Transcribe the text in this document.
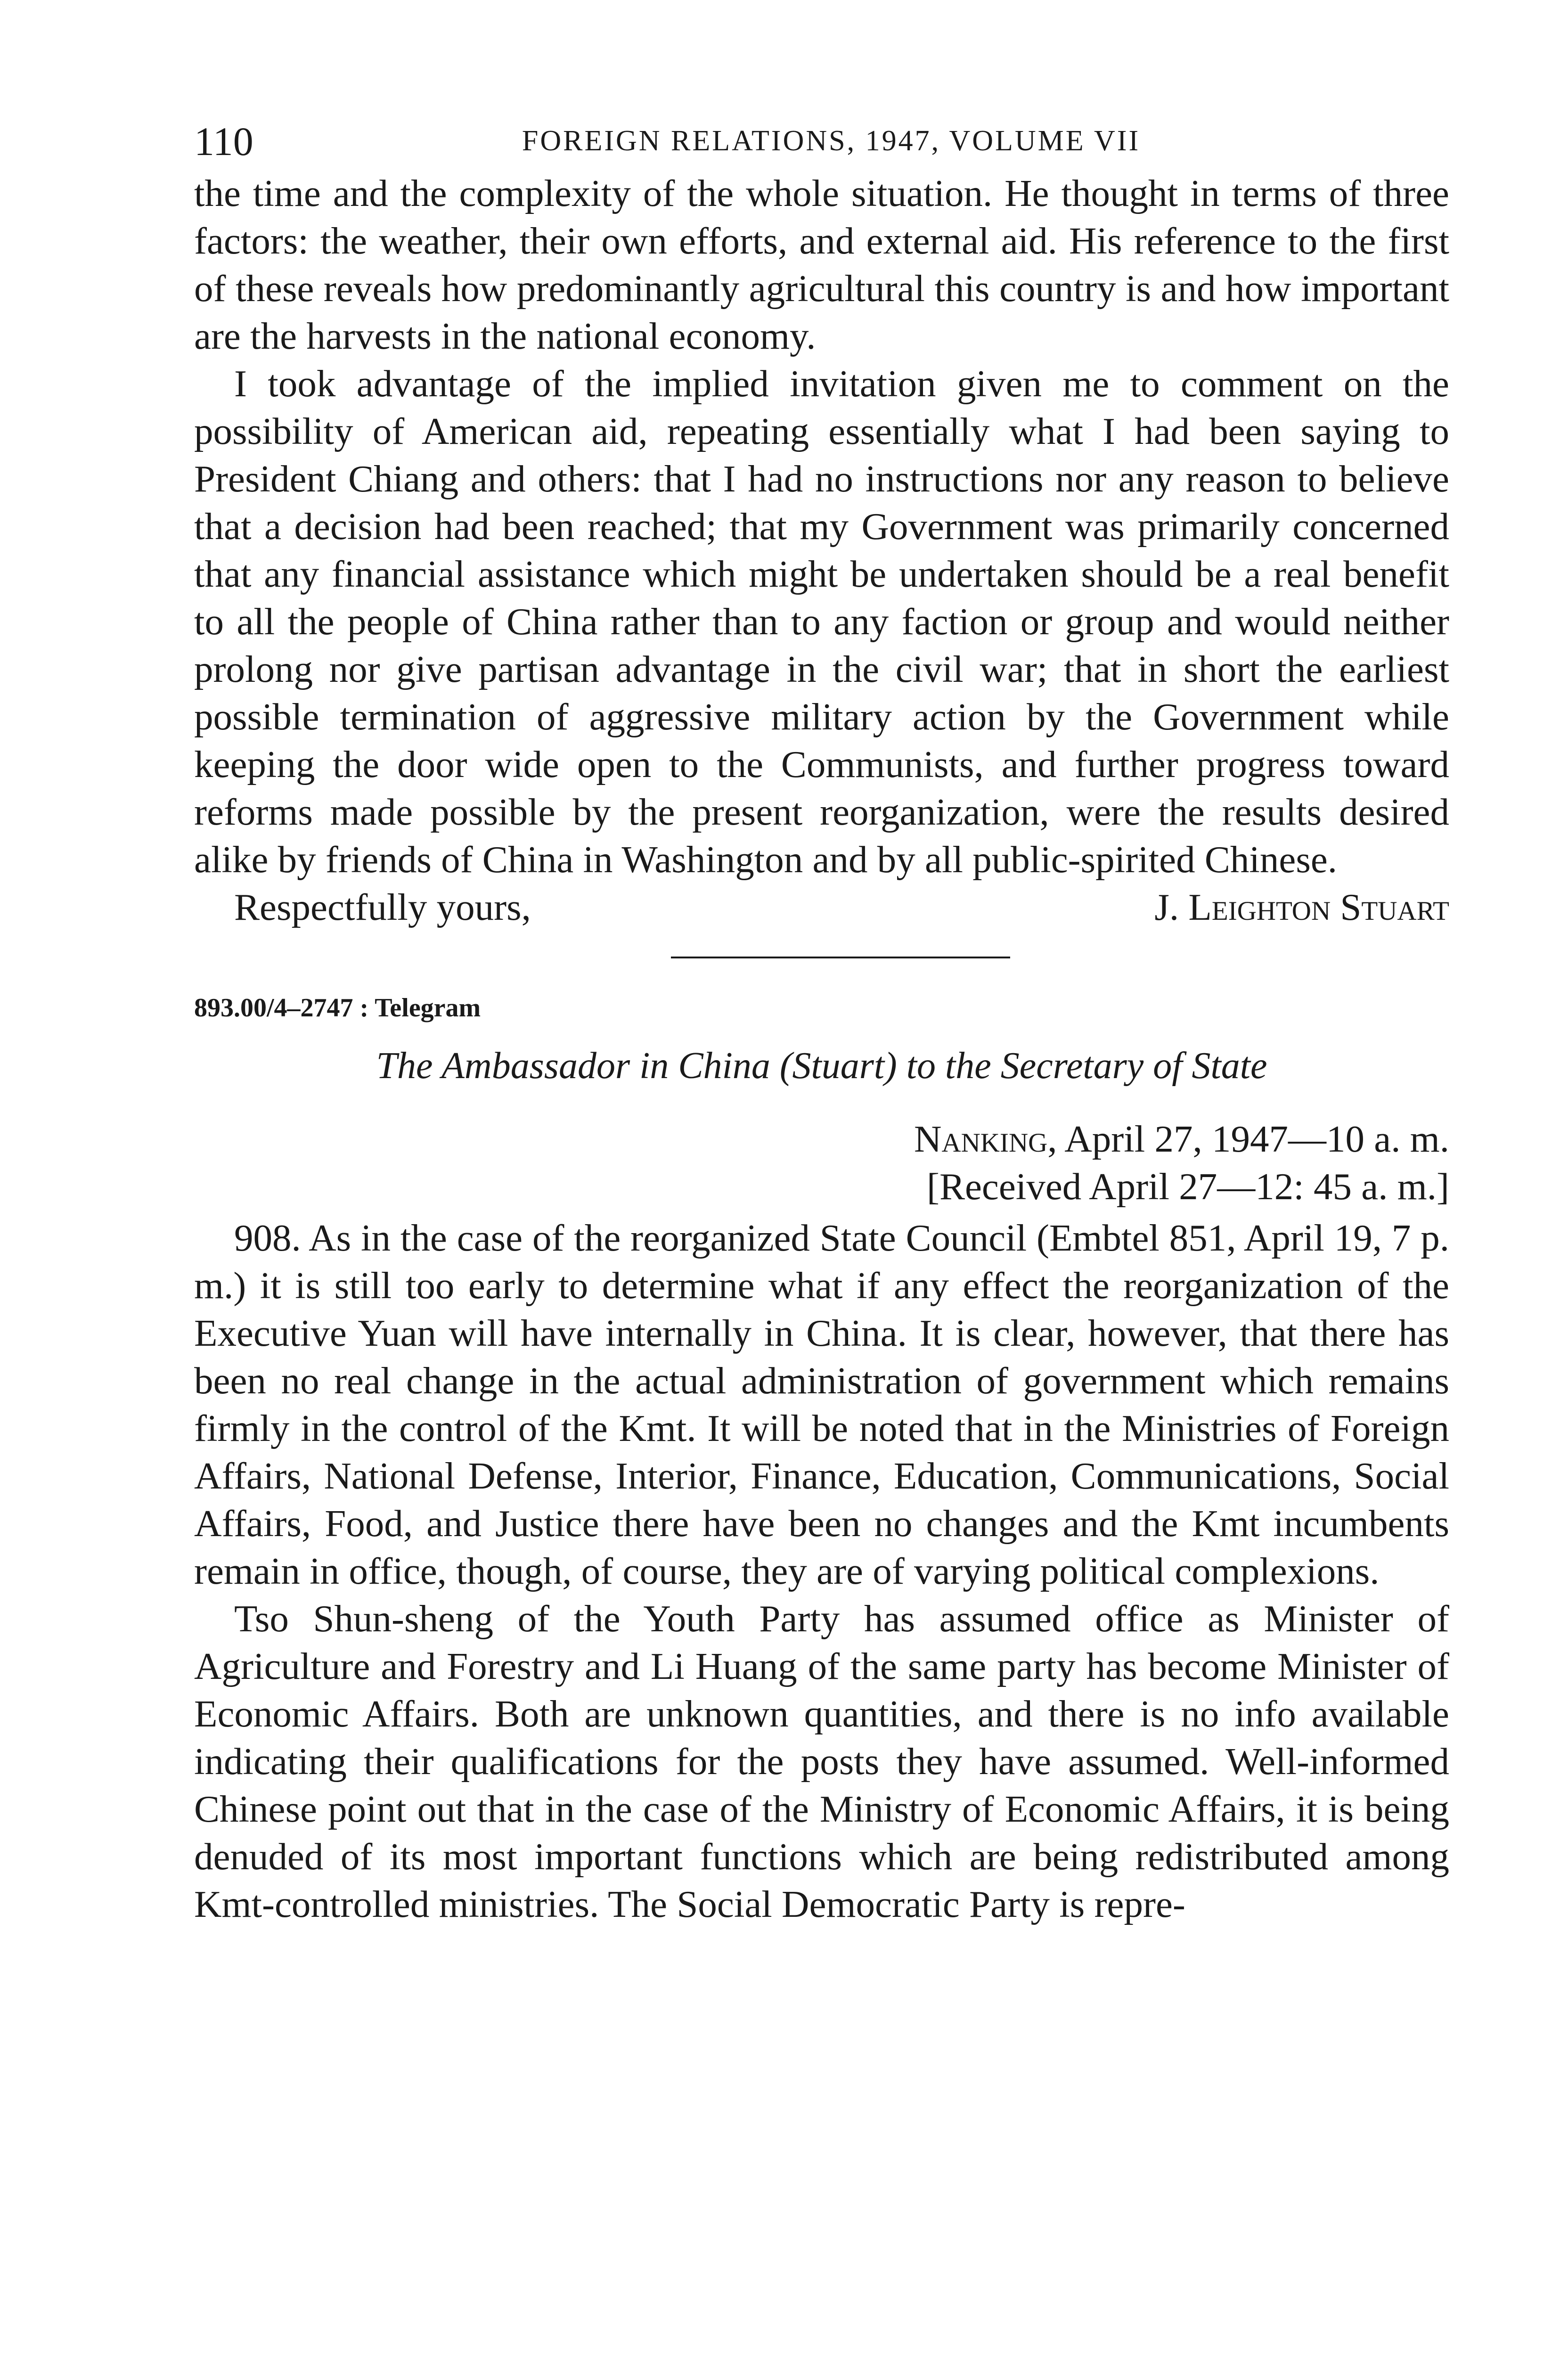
110	FOREIGN RELATIONS, 1947, VOLUME VII

the time and the complexity of the whole situation. He thought in terms of three factors: the weather, their own efforts, and external aid. His reference to the first of these reveals how predominantly agricultural this country is and how important are the harvests in the national economy.

I took advantage of the implied invitation given me to comment on the possibility of American aid, repeating essentially what I had been saying to President Chiang and others: that I had no instructions nor any reason to believe that a decision had been reached; that my Government was primarily concerned that any financial assistance which might be undertaken should be a real benefit to all the people of China rather than to any faction or group and would neither prolong nor give partisan advantage in the civil war; that in short the earliest possible termination of aggressive military action by the Government while keeping the door wide open to the Communists, and further progress toward reforms made possible by the present reorganization, were the results desired alike by friends of China in Washington and by all public-spirited Chinese.

Respectfully yours,	J. Leighton Stuart
893.00/4–2747 : Telegram
The Ambassador in China (Stuart) to the Secretary of State
Nanking, April 27, 1947—10 a. m.
[Received April 27—12: 45 a. m.]

908. As in the case of the reorganized State Council (Embtel 851, April 19, 7 p. m.) it is still too early to determine what if any effect the reorganization of the Executive Yuan will have internally in China. It is clear, however, that there has been no real change in the actual administration of government which remains firmly in the control of the Kmt. It will be noted that in the Ministries of Foreign Affairs, National Defense, Interior, Finance, Education, Communications, Social Affairs, Food, and Justice there have been no changes and the Kmt incumbents remain in office, though, of course, they are of varying political complexions.

Tso Shun-sheng of the Youth Party has assumed office as Minister of Agriculture and Forestry and Li Huang of the same party has become Minister of Economic Affairs. Both are unknown quantities, and there is no info available indicating their qualifications for the posts they have assumed. Well-informed Chinese point out that in the case of the Ministry of Economic Affairs, it is being denuded of its most important functions which are being redistributed among Kmt-controlled ministries. The Social Democratic Party is repre-
